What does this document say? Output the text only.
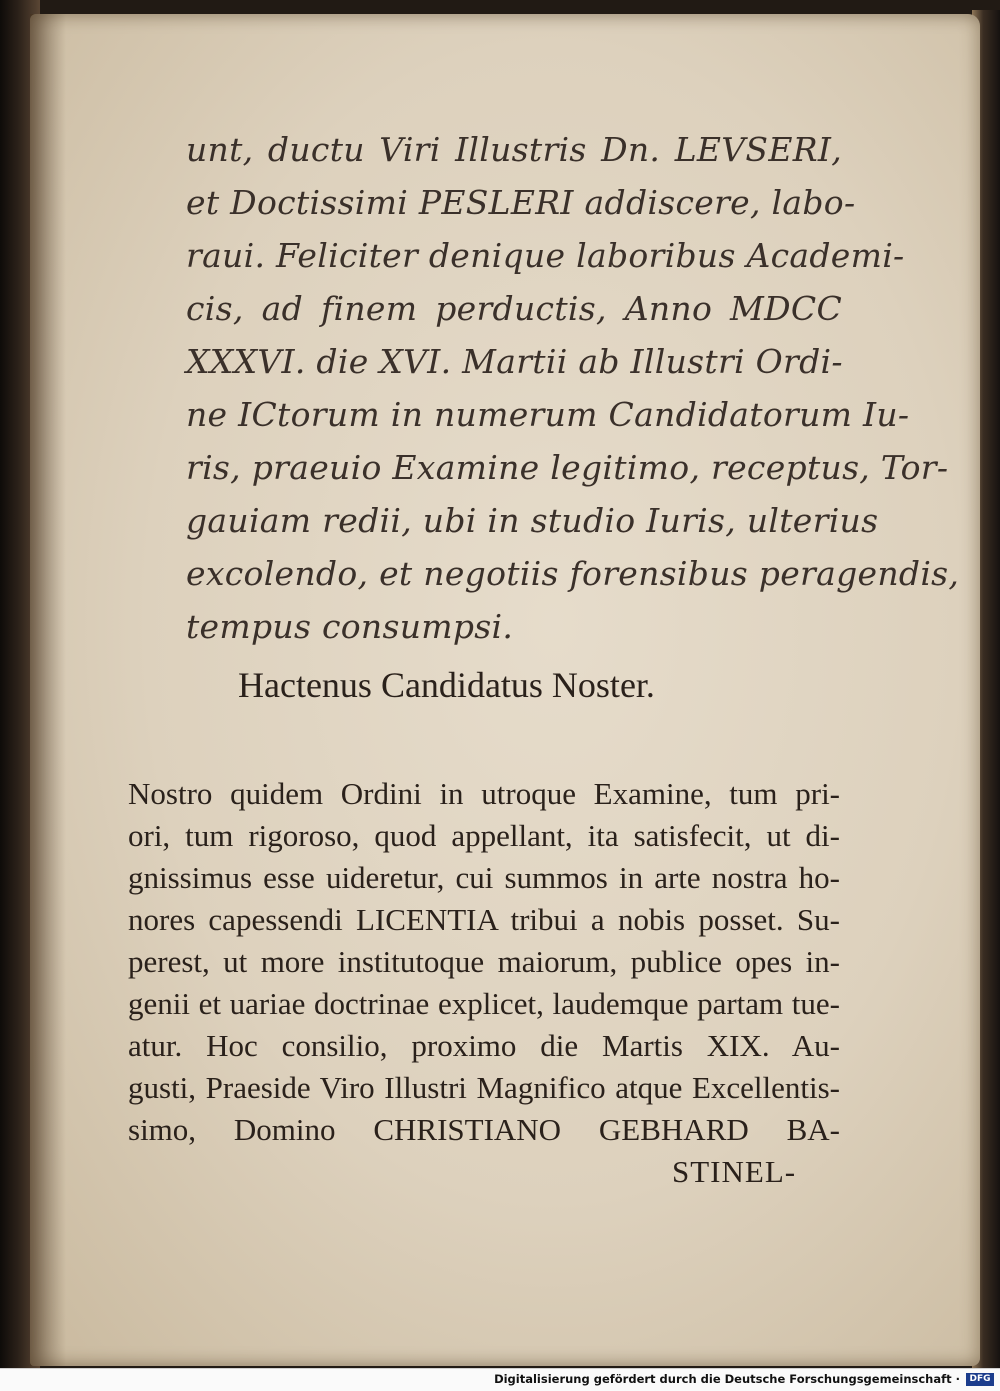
unt, ductu Viri Illustris Dn. LEVSERI,

et Doctissimi PESLERI addiscere, labo-

raui. Feliciter denique laboribus Academi-

cis, ad finem perductis, Anno MDCC

XXXVI. die XVI. Martii ab Illustri Ordi-

ne ICtorum in numerum Candidatorum Iu-

ris, praeuio Examine legitimo, receptus, Tor-

gauiam redii, ubi in studio Iuris, ulterius

excolendo, et negotiis forensibus peragendis,

tempus consumpsi.

Hactenus Candidatus Noster.

Nostro quidem Ordini in utroque Examine, tum pri-

ori, tum rigoroso, quod appellant, ita satisfecit, ut di-

gnissimus esse uideretur, cui summos in arte nostra ho-

nores capessendi LICENTIA tribui a nobis posset. Su-

perest, ut more institutoque maiorum, publice opes in-

genii et uariae doctrinae explicet, laudemque partam tue-

atur. Hoc consilio, proximo die Martis XIX. Au-

gusti, Praeside Viro Illustri Magnifico atque Excellentis-

simo, Domino CHRISTIANO GEBHARD BA-

STINEL-

Digitalisierung gefördert durch die Deutsche Forschungsgemeinschaft ·	DFG
